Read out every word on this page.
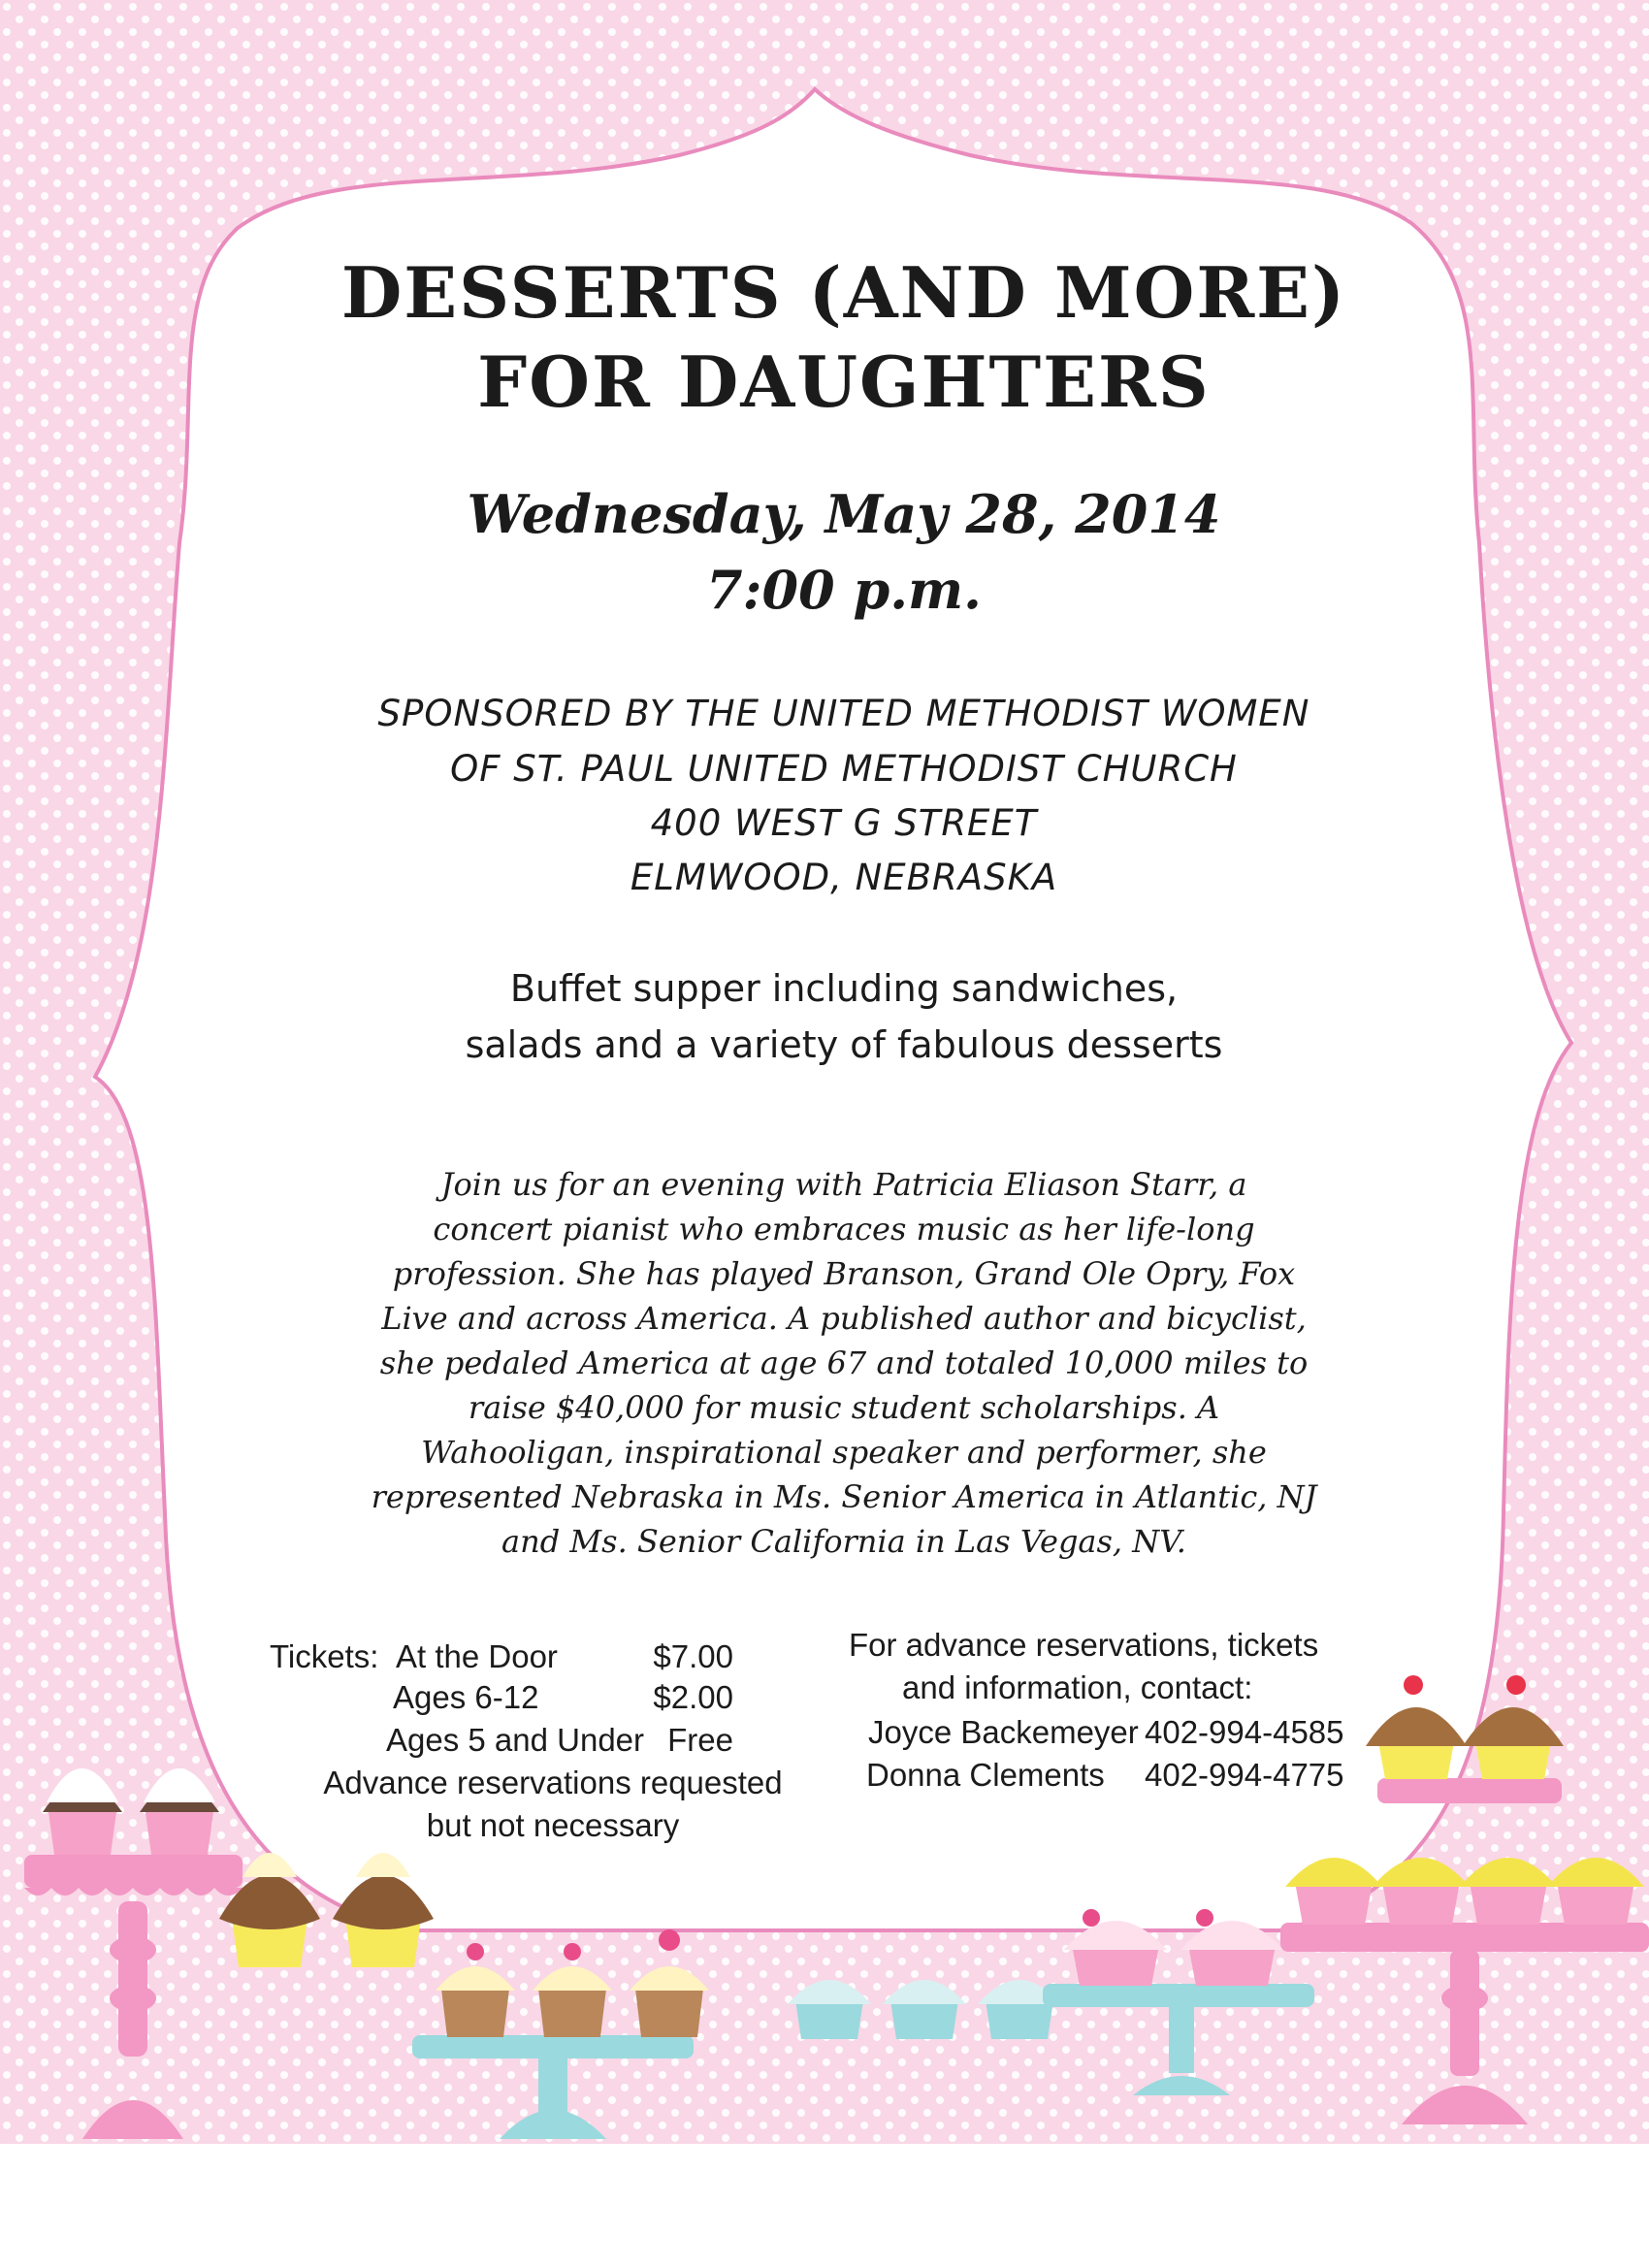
DESSERTS (AND MORE)
FOR DAUGHTERS
Wednesday, May 28, 2014
7:00 p.m.
SPONSORED BY THE UNITED METHODIST WOMEN
OF ST. PAUL UNITED METHODIST CHURCH
400 WEST G STREET
ELMWOOD, NEBRASKA
Buffet supper including sandwiches,
salads and a variety of fabulous desserts
Join us for an evening with Patricia Eliason Starr, a
concert pianist who embraces music as her life-long
profession. She has played Branson, Grand Ole Opry, Fox
Live and across America. A published author and bicyclist,
she pedaled America at age 67 and totaled 10,000 miles to
raise $40,000 for music student scholarships. A
Wahooligan, inspirational speaker and performer, she
represented Nebraska in Ms. Senior America in Atlantic, NJ
and Ms. Senior California in Las Vegas, NV.
Tickets: At the Door	$7.00
Ages 6-12	$2.00
Ages 5 and Under Free
Advance reservations requested
but not necessary
For advance reservations, tickets
and information, contact:
Joyce Backemeyer 402-994-4585
Donna Clements 402-994-4775
